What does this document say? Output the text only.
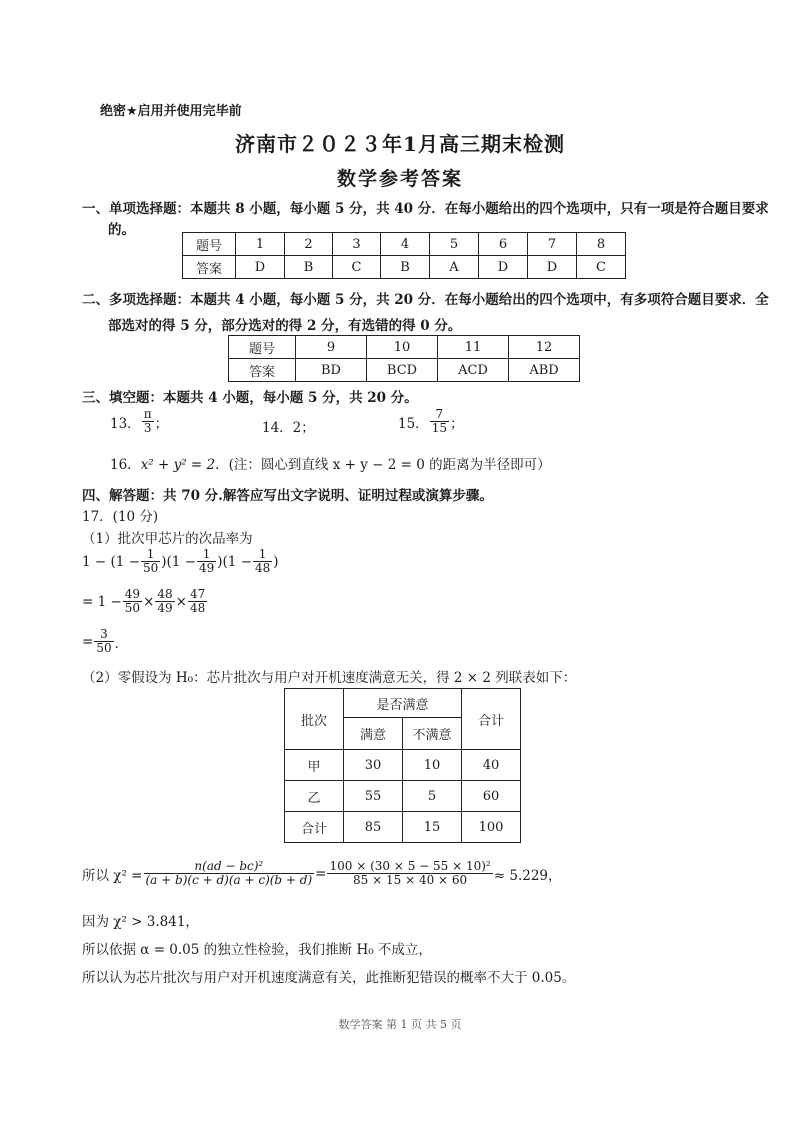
绝密★启用并使用完毕前
济南市２０２３年1月高三期末检测
数学参考答案
一、单项选择题：本题共 8 小题，每小题 5 分，共 40 分．在每小题给出的四个选项中，只有一项是符合题目要求
的。
题号	1	2	3	4	5	6	7	8
答案	D	B	C	B	A	D	D	C
二、多项选择题：本题共 4 小题，每小题 5 分，共 20 分．在每小题给出的四个选项中，有多项符合题目要求．全
部选对的得 5 分，部分选对的得 2 分，有选错的得 0 分。
题号	9	10	11	12
答案	BD	BCD	ACD	ABD
三、填空题：本题共 4 小题，每小题 5 分，共 20 分。
13． $\frac{\pi}{3}$ ；	14．2；	15． $\frac{7}{15}$ ；
16．x² + y² = 2．(注：圆心到直线 x + y − 2 = 0 的距离为半径即可）
四、解答题：共 70 分.解答应写出文字说明、证明过程或演算步骤。
17．(10 分)
（1）批次甲芯片的次品率为
$1 - (1 - \frac{1}{50} )(1 - \frac{1}{49} )(1 - \frac{1}{48}$ )
= $1 - \frac{49}{50} \times \frac{48}{49} \times \frac{47}{48}$
= $\frac{3}{50}$ ．
（2）零假设为 H₀：芯片批次与用户对开机速度满意无关，得 2 × 2 列联表如下：
批次	是否满意		合计
	满意	不满意	
甲	30	10	40
乙	55	5	60
合计	85	15	100
所以 $\chi^2 = \frac{\text{n(ad − bc)²}}{(a + b)(c + d)(a + c)(b + d)} = \frac{\text{100 × (30 × 5 − 55 × 10)²}}{85 \times 15 \times 40 \times 60} \approx 5.229$，
因为 χ² > 3.841，
所以依据 α = 0.05 的独立性检验，我们推断 H₀ 不成立，
所以认为芯片批次与用户对开机速度满意有关，此推断犯错误的概率不大于 0.05。
数学答案 第 1 页 共 5 页
